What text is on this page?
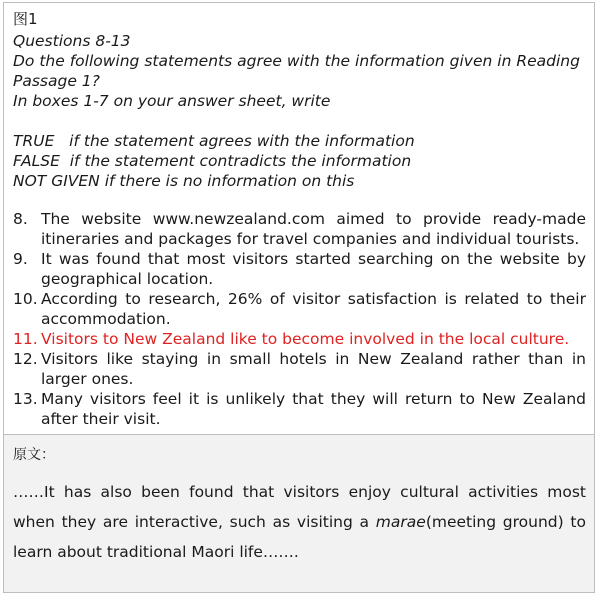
图1
Questions 8-13
Do the following statements agree with the information given in Reading Passage 1?
In boxes 1-7 on your answer sheet, write
TRUE if the statement agrees with the information
FALSE if the statement contradicts the information
NOT GIVEN if there is no information on this
8. The website www.newzealand.com aimed to provide ready-made itineraries and packages for travel companies and individual tourists.
9. It was found that most visitors started searching on the website by geographical location.
10. According to research, 26% of visitor satisfaction is related to their accommodation.
11. Visitors to New Zealand like to become involved in the local culture.
12. Visitors like staying in small hotels in New Zealand rather than in larger ones.
13. Many visitors feel it is unlikely that they will return to New Zealand after their visit.
原文：

……It has also been found that visitors enjoy cultural activities most when they are interactive, such as visiting a marae(meeting ground) to learn about traditional Maori life…….
